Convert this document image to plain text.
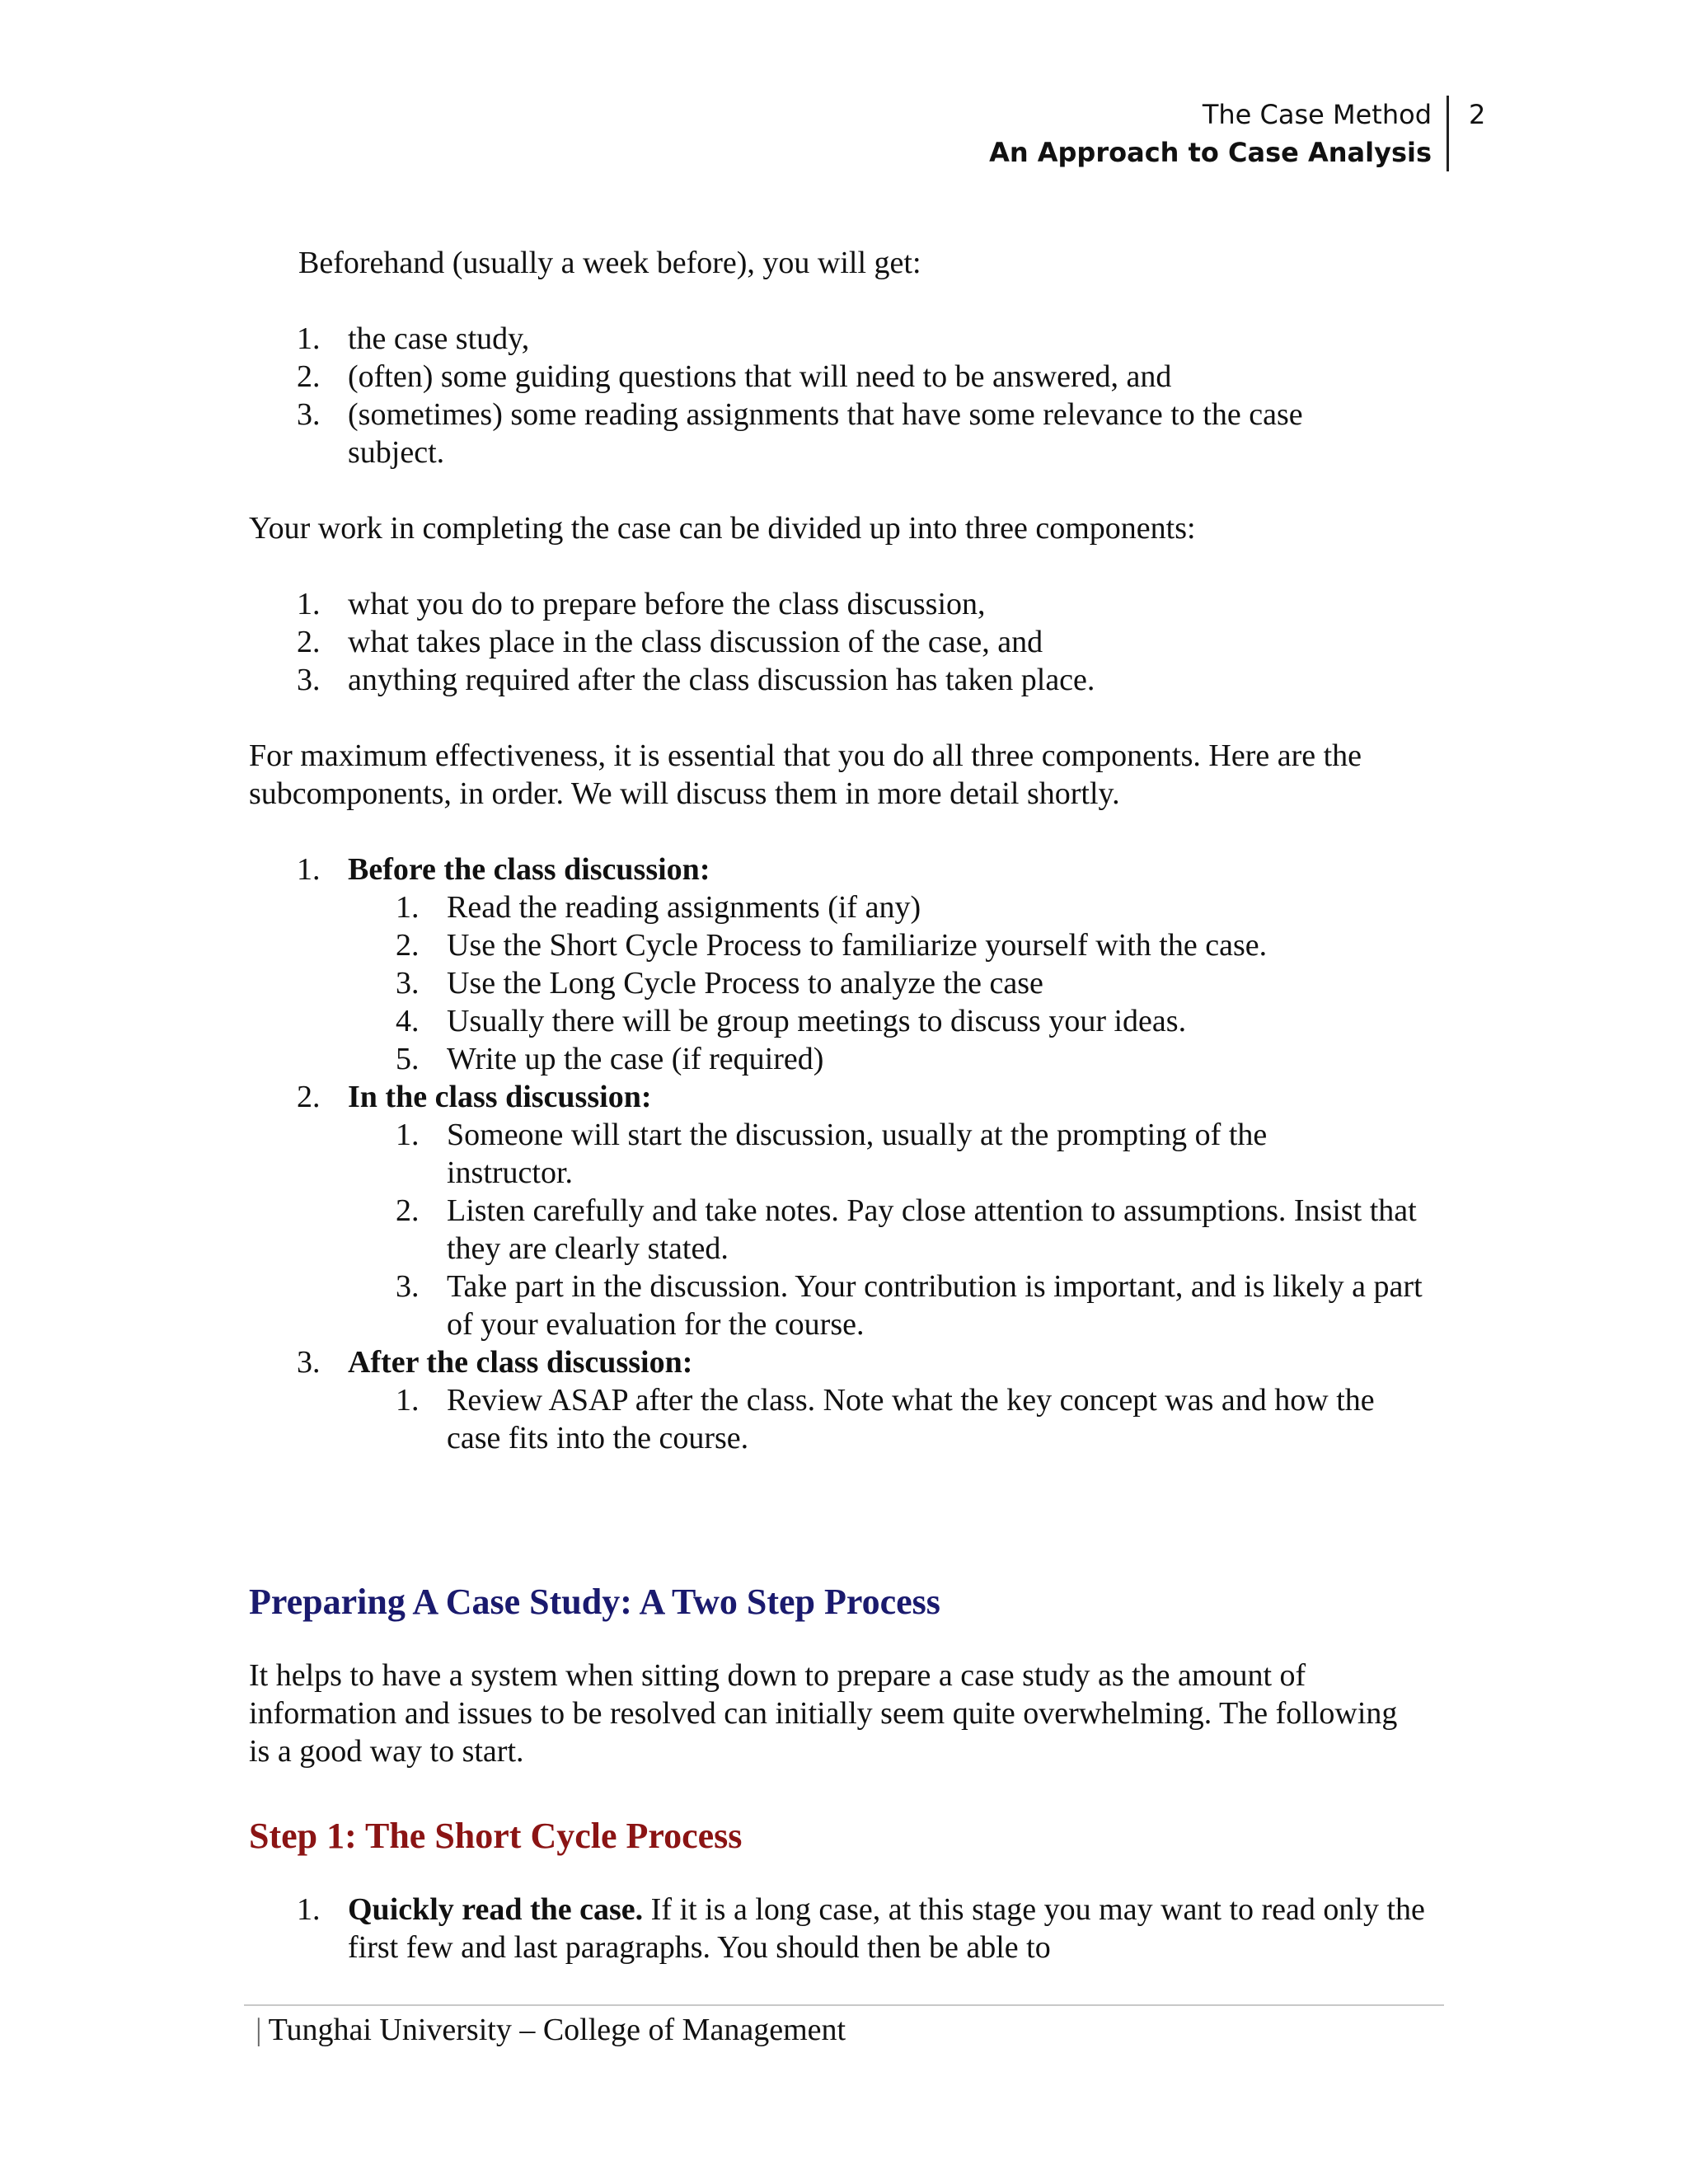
The Case Method
An Approach to Case Analysis
2

Beforehand (usually a week before), you will get:

1. the case study,
2. (often) some guiding questions that will need to be answered, and
3. (sometimes) some reading assignments that have some relevance to the case subject.

Your work in completing the case can be divided up into three components:

1. what you do to prepare before the class discussion,
2. what takes place in the class discussion of the case, and
3. anything required after the class discussion has taken place.

For maximum effectiveness, it is essential that you do all three components. Here are the subcomponents, in order. We will discuss them in more detail shortly.

1. Before the class discussion:
1. Read the reading assignments (if any)
2. Use the Short Cycle Process to familiarize yourself with the case.
3. Use the Long Cycle Process to analyze the case
4. Usually there will be group meetings to discuss your ideas.
5. Write up the case (if required)
2. In the class discussion:
1. Someone will start the discussion, usually at the prompting of the instructor.
2. Listen carefully and take notes. Pay close attention to assumptions. Insist that they are clearly stated.
3. Take part in the discussion. Your contribution is important, and is likely a part of your evaluation for the course.
3. After the class discussion:
1. Review ASAP after the class. Note what the key concept was and how the case fits into the course.
Preparing A Case Study: A Two Step Process

It helps to have a system when sitting down to prepare a case study as the amount of information and issues to be resolved can initially seem quite overwhelming. The following is a good way to start.

Step 1: The Short Cycle Process
1. Quickly read the case. If it is a long case, at this stage you may want to read only the first few and last paragraphs. You should then be able to
| Tunghai University – College of Management
